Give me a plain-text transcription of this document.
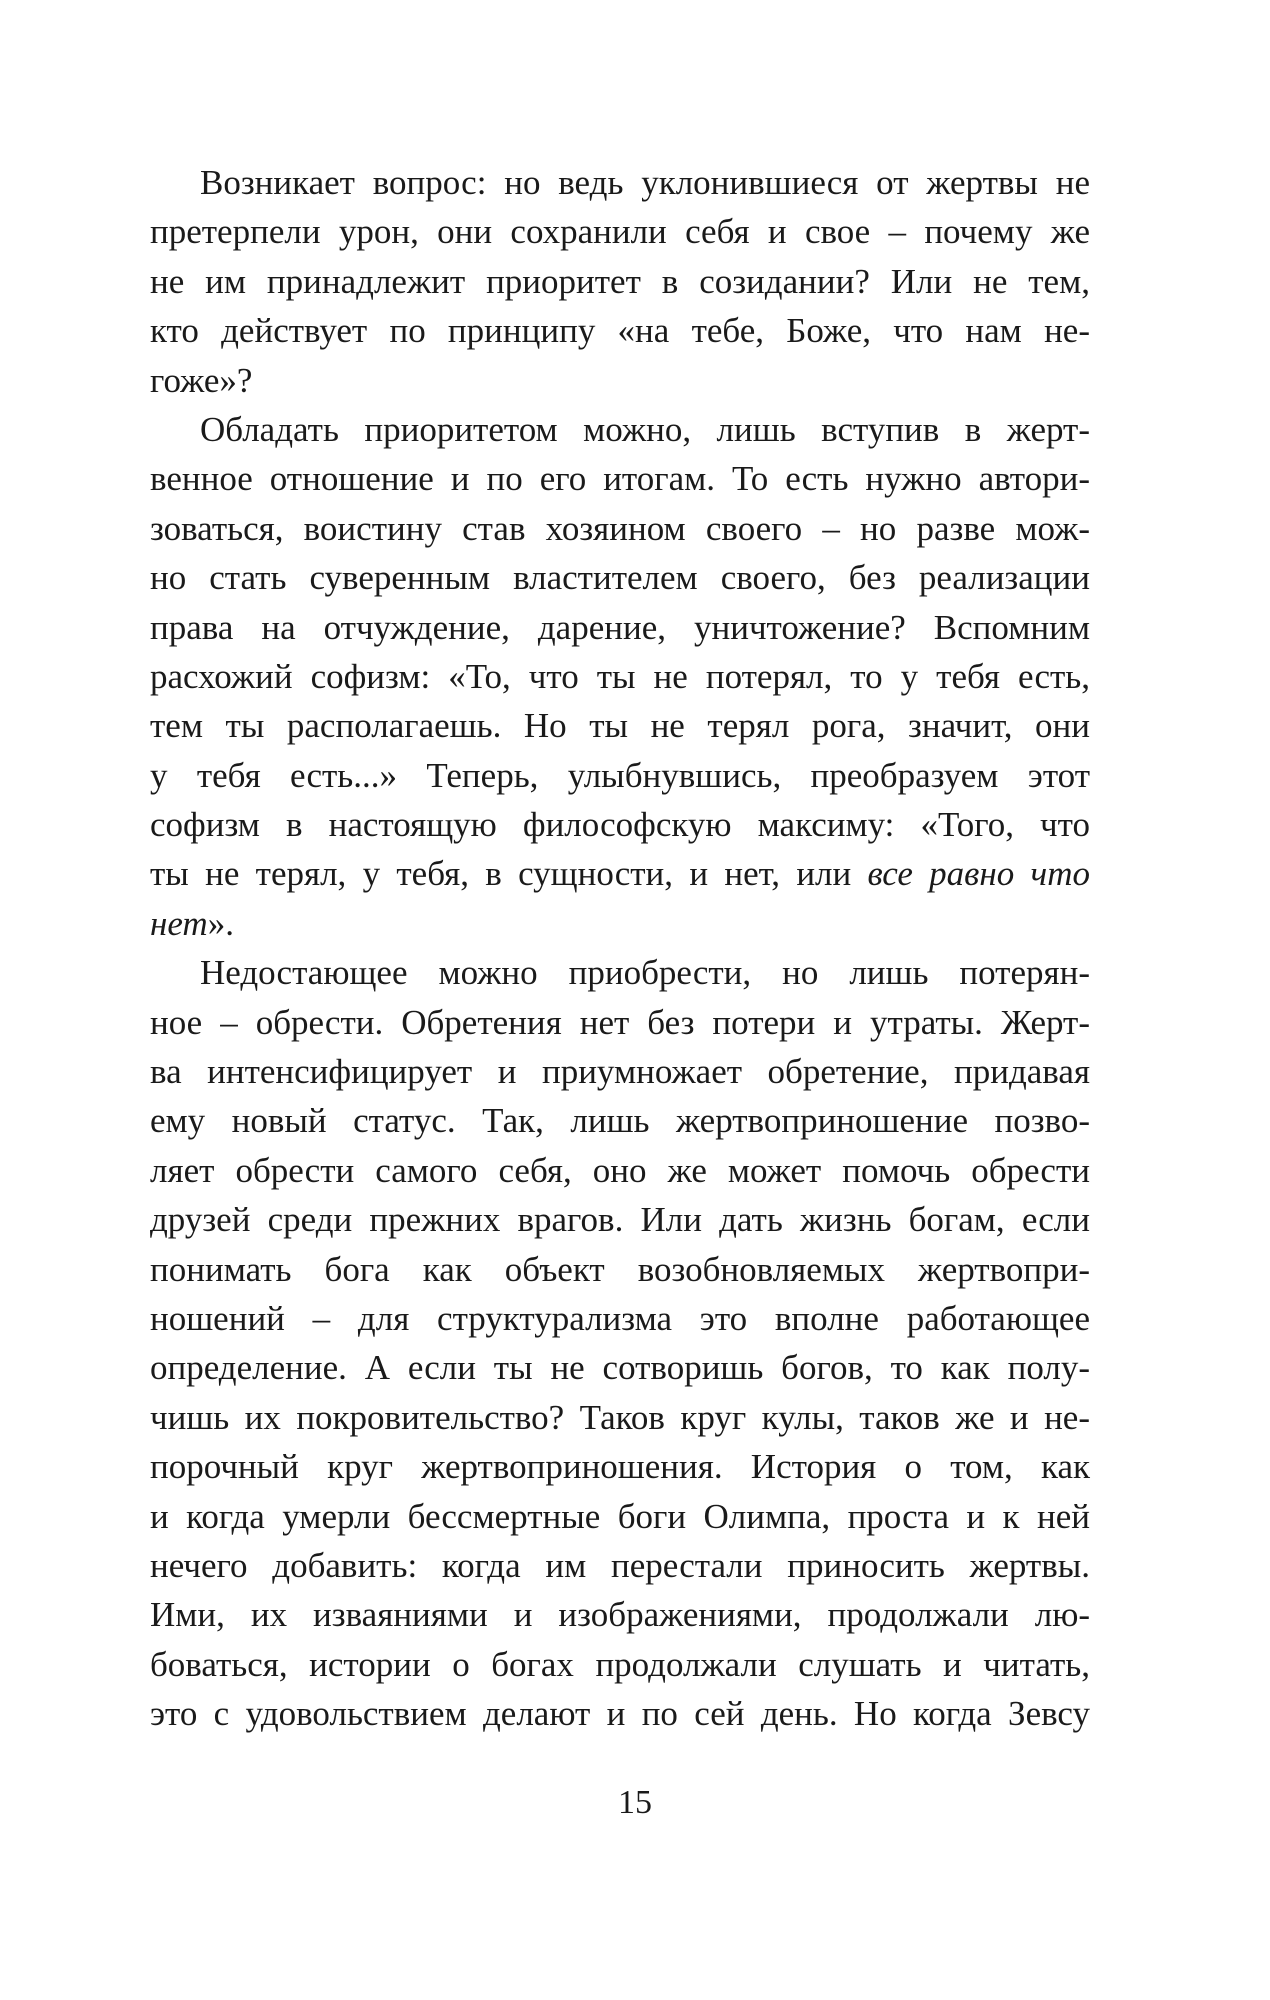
Возникает вопрос: но ведь уклонившиеся от жертвы не
претерпели урон, они сохранили себя и свое – почему же
не им принадлежит приоритет в созидании? Или не тем,
кто действует по принципу «на тебе, Боже, что нам не-
гоже»?
Обладать приоритетом можно, лишь вступив в жерт-
венное отношение и по его итогам. То есть нужно автори-
зоваться, воистину став хозяином своего – но разве мож-
но стать суверенным властителем своего, без реализации
права на отчуждение, дарение, уничтожение? Вспомним
расхожий софизм: «То, что ты не потерял, то у тебя есть,
тем ты располагаешь. Но ты не терял рога, значит, они
у тебя есть...» Теперь, улыбнувшись, преобразуем этот
софизм в настоящую философскую максиму: «Того, что
ты не терял, у тебя, в сущности, и нет, или все равно что
нет».
Недостающее можно приобрести, но лишь потерян-
ное – обрести. Обретения нет без потери и утраты. Жерт-
ва интенсифицирует и приумножает обретение, придавая
ему новый статус. Так, лишь жертвоприношение позво-
ляет обрести самого себя, оно же может помочь обрести
друзей среди прежних врагов. Или дать жизнь богам, если
понимать бога как объект возобновляемых жертвопри-
ношений – для структурализма это вполне работающее
определение. А если ты не сотворишь богов, то как полу-
чишь их покровительство? Таков круг кулы, таков же и не-
порочный круг жертвоприношения. История о том, как
и когда умерли бессмертные боги Олимпа, проста и к ней
нечего добавить: когда им перестали приносить жертвы.
Ими, их изваяниями и изображениями, продолжали лю-
боваться, истории о богах продолжали слушать и читать,
это с удовольствием делают и по сей день. Но когда Зевсу
15
